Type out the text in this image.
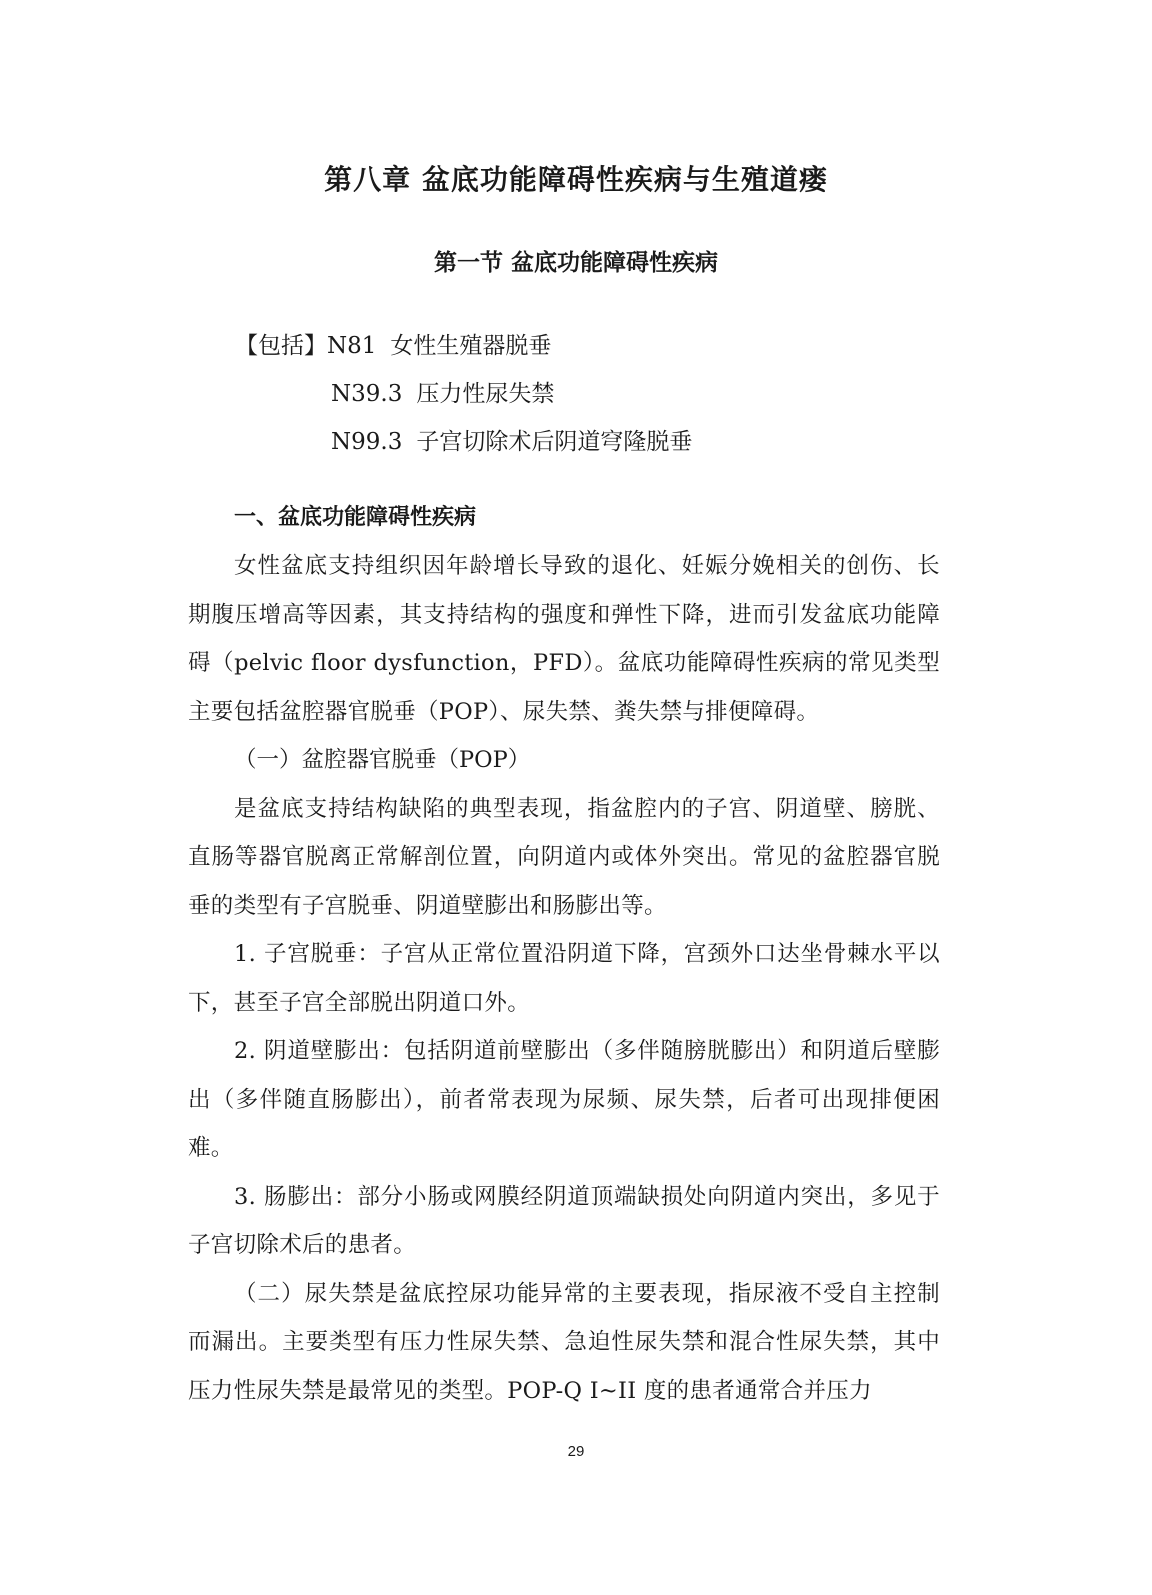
第八章 盆底功能障碍性疾病与生殖道瘘
第一节 盆底功能障碍性疾病
【包括】N81 女性生殖器脱垂
N39.3 压力性尿失禁
N99.3 子宫切除术后阴道穹隆脱垂
一、盆底功能障碍性疾病

女性盆底支持组织因年龄增长导致的退化、妊娠分娩相关的创伤、长期腹压增高等因素，其支持结构的强度和弹性下降，进而引发盆底功能障碍（pelvic floor dysfunction，PFD）。盆底功能障碍性疾病的常见类型主要包括盆腔器官脱垂（POP）、尿失禁、粪失禁与排便障碍。

（一）盆腔器官脱垂（POP）

是盆底支持结构缺陷的典型表现，指盆腔内的子宫、阴道壁、膀胱、直肠等器官脱离正常解剖位置，向阴道内或体外突出。常见的盆腔器官脱垂的类型有子宫脱垂、阴道壁膨出和肠膨出等。

1. 子宫脱垂：子宫从正常位置沿阴道下降，宫颈外口达坐骨棘水平以下，甚至子宫全部脱出阴道口外。

2. 阴道壁膨出：包括阴道前壁膨出（多伴随膀胱膨出）和阴道后壁膨出（多伴随直肠膨出），前者常表现为尿频、尿失禁，后者可出现排便困难。

3. 肠膨出：部分小肠或网膜经阴道顶端缺损处向阴道内突出，多见于子宫切除术后的患者。

（二）尿失禁是盆底控尿功能异常的主要表现，指尿液不受自主控制而漏出。主要类型有压力性尿失禁、急迫性尿失禁和混合性尿失禁，其中压力性尿失禁是最常见的类型。POP-Q I~II 度的患者通常合并压力

29
